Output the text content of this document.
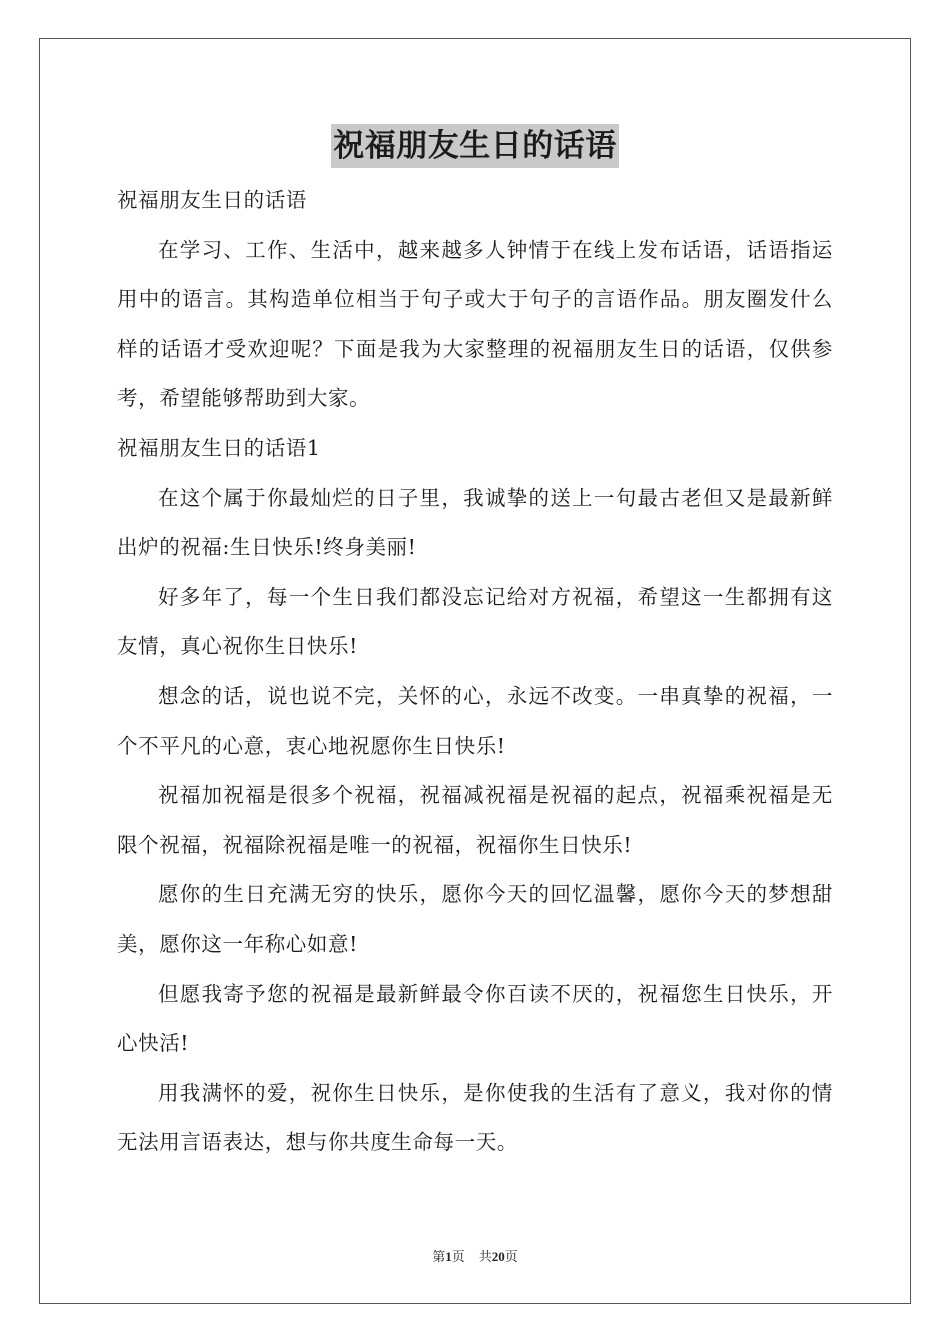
祝福朋友生日的话语

祝福朋友生日的话语

在学习、工作、生活中，越来越多人钟情于在线上发布话语，话语指运用中的语言。其构造单位相当于句子或大于句子的言语作品。朋友圈发什么样的话语才受欢迎呢？下面是我为大家整理的祝福朋友生日的话语，仅供参考，希望能够帮助到大家。

祝福朋友生日的话语1

在这个属于你最灿烂的日子里，我诚挚的送上一句最古老但又是最新鲜出炉的祝福:生日快乐!终身美丽!

好多年了，每一个生日我们都没忘记给对方祝福，希望这一生都拥有这友情，真心祝你生日快乐!

想念的话，说也说不完，关怀的心，永远不改变。一串真挚的祝福，一个不平凡的心意，衷心地祝愿你生日快乐!

祝福加祝福是很多个祝福，祝福减祝福是祝福的起点，祝福乘祝福是无限个祝福，祝福除祝福是唯一的祝福，祝福你生日快乐!

愿你的生日充满无穷的快乐，愿你今天的回忆温馨，愿你今天的梦想甜美，愿你这一年称心如意!

但愿我寄予您的祝福是最新鲜最令你百读不厌的，祝福您生日快乐，开心快活!

用我满怀的爱，祝你生日快乐，是你使我的生活有了意义，我对你的情无法用言语表达，想与你共度生命每一天。

第1页 共20页
